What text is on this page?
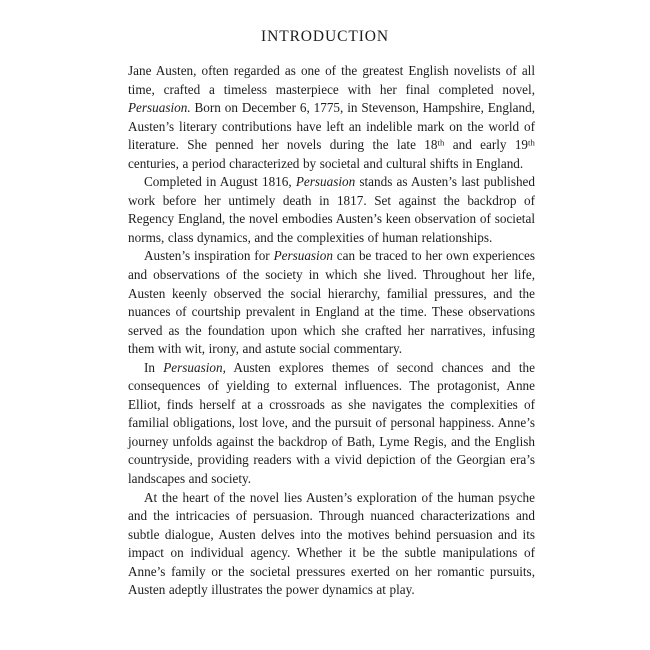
INTRODUCTION

Jane Austen, often regarded as one of the greatest English novelists of all time, crafted a timeless masterpiece with her final completed novel, Persuasion. Born on December 6, 1775, in Stevenson, Hampshire, England, Austen’s literary contributions have left an indelible mark on the world of literature. She penned her novels during the late 18th and early 19th centuries, a period characterized by societal and cultural shifts in England.

Completed in August 1816, Persuasion stands as Austen’s last published work before her untimely death in 1817. Set against the backdrop of Regency England, the novel embodies Austen’s keen observation of societal norms, class dynamics, and the complexities of human relationships.

Austen’s inspiration for Persuasion can be traced to her own experiences and observations of the society in which she lived. Throughout her life, Austen keenly observed the social hierarchy, familial pressures, and the nuances of courtship prevalent in England at the time. These observations served as the foundation upon which she crafted her narratives, infusing them with wit, irony, and astute social commentary.

In Persuasion, Austen explores themes of second chances and the consequences of yielding to external influences. The protagonist, Anne Elliot, finds herself at a crossroads as she navigates the complexities of familial obligations, lost love, and the pursuit of personal happiness. Anne’s journey unfolds against the backdrop of Bath, Lyme Regis, and the English countryside, providing readers with a vivid depiction of the Georgian era’s landscapes and society.

At the heart of the novel lies Austen’s exploration of the human psyche and the intricacies of persuasion. Through nuanced characterizations and subtle dialogue, Austen delves into the motives behind persuasion and its impact on individual agency. Whether it be the subtle manipulations of Anne’s family or the societal pressures exerted on her romantic pursuits, Austen adeptly illustrates the power dynamics at play.
